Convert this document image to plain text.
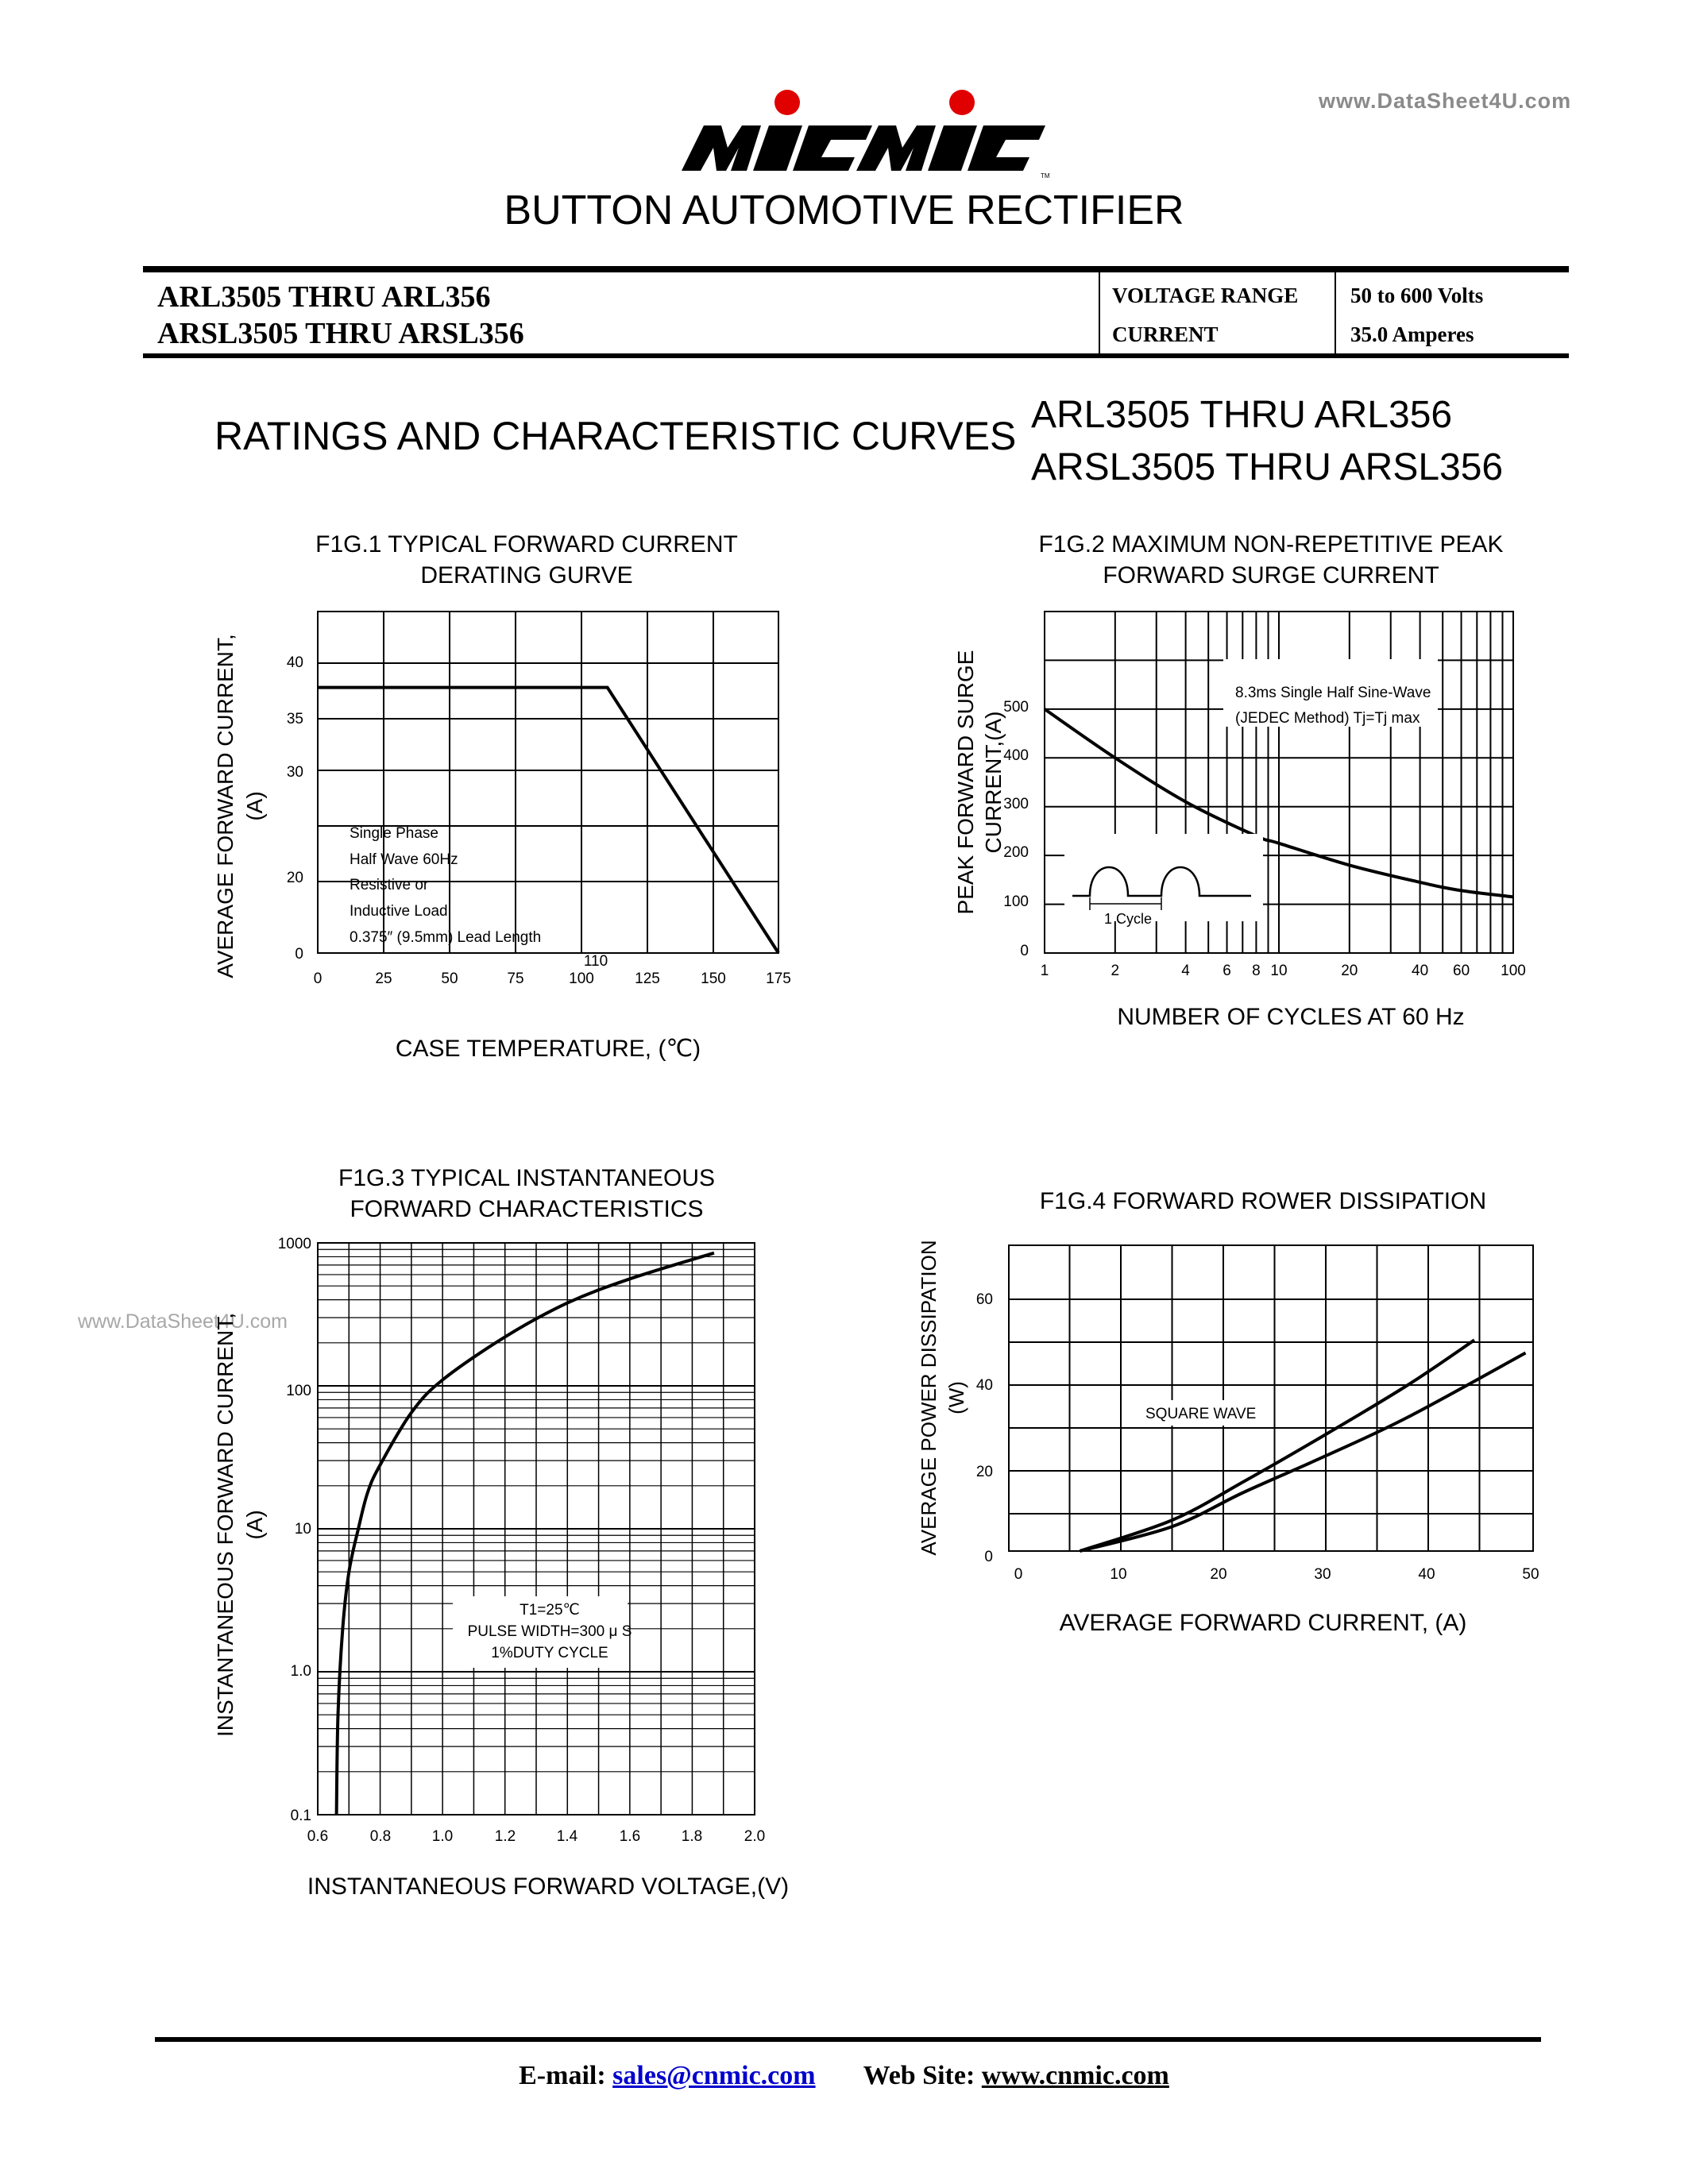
www.DataSheet4U.com
www.DataSheet4U.com
TM
BUTTON AUTOMOTIVE RECTIFIER
ARL3505 THRU ARL356
ARSL3505 THRU ARSL356
VOLTAGE RANGE 50 to 600 Volts
CURRENT	35.0 Amperes
RATINGS AND CHARACTERISTIC CURVES ARL3505 THRU ARL356
ARSL3505 THRU ARSL356
F1G.1 TYPICAL FORWARD CURRENT
DERATING GURVE
40
35
30
20
0
0	25	50	75	100	125	150	175
110
Single Phase
Half Wave 60Hz
Resistive or
Inductive Load
0.375″ (9.5mm) Lead Length
CASE TEMPERATURE, (℃)
AVERAGE FORWARD CURRENT, (A)
F1G.2 MAXIMUM NON-REPETITIVE PEAK
FORWARD SURGE CURRENT
500
400
300
200
100
0
1	2	4 6 8 10	20	40 60 100
8.3ms Single Half Sine-Wave
(JEDEC Method) Tj=Tj max
1 Cycle
NUMBER OF CYCLES AT 60 Hz
PEAK FORWARD SURGE CURRENT,(A)
F1G.3 TYPICAL INSTANTANEOUS
FORWARD CHARACTERISTICS
1000
100
10
1.0
0.1
0.6	0.8	1.0	1.2	1.4	1.6	1.8	2.0
T1=25℃
PULSE WIDTH=300 μ S
1%DUTY CYCLE
INSTANTANEOUS FORWARD VOLTAGE,(V)
INSTANTANEOUS FORWARD CURRENT, (A)
F1G.4 FORWARD ROWER DISSIPATION
60
40
20
0
0	10	20	30	40	50
SQUARE WAVE
AVERAGE FORWARD CURRENT, (A)
AVERAGE POWER DISSIPATION (W)
E-mail: sales@cnmic.com Web Site: www.cnmic.com
